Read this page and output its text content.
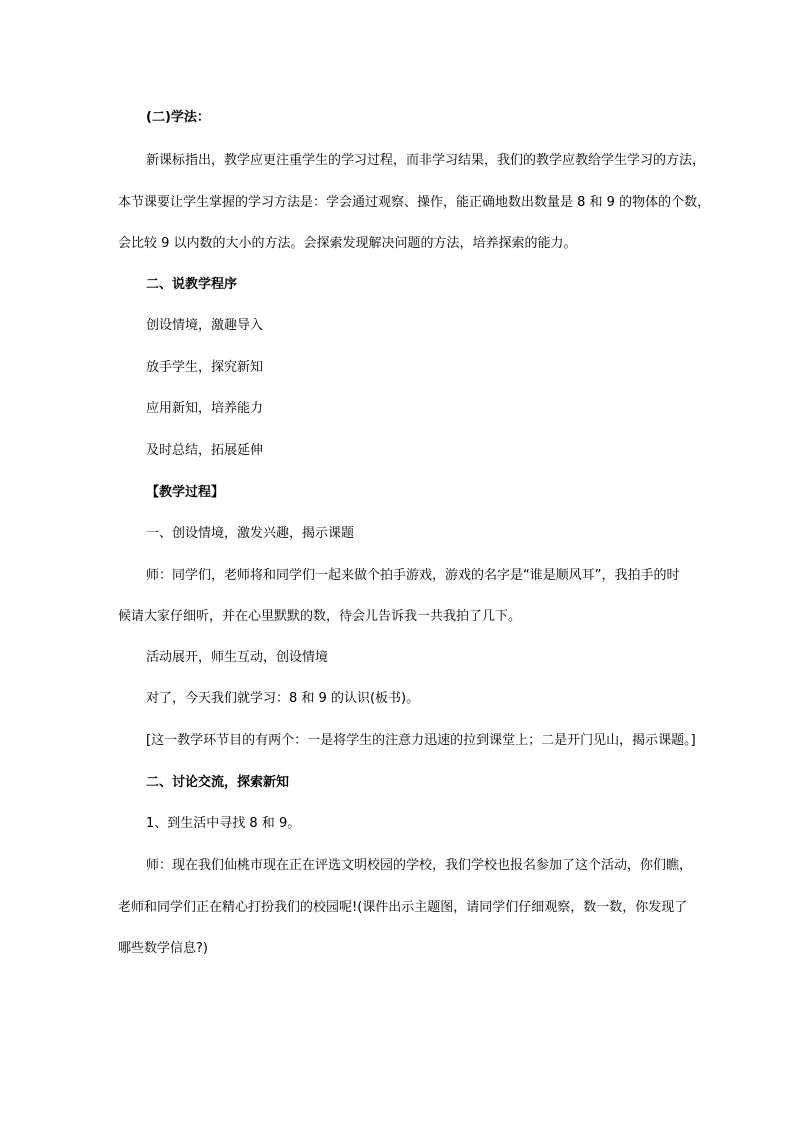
(二)学法：
新课标指出，教学应更注重学生的学习过程，而非学习结果，我们的教学应教给学生学习的方法，
本节课要让学生掌握的学习方法是：学会通过观察、操作，能正确地数出数量是 8 和 9 的物体的个数，
会比较 9 以内数的大小的方法。会探索发现解决问题的方法，培养探索的能力。
二、说教学程序
创设情境，激趣导入
放手学生，探究新知
应用新知，培养能力
及时总结，拓展延伸
【教学过程】
一、创设情境，激发兴趣，揭示课题
师：同学们，老师将和同学们一起来做个拍手游戏，游戏的名字是“谁是顺风耳”，我拍手的时
候请大家仔细听，并在心里默默的数，待会儿告诉我一共我拍了几下。
活动展开，师生互动，创设情境
对了，今天我们就学习：8 和 9 的认识(板书)。
[这一教学环节目的有两个：一是将学生的注意力迅速的拉到课堂上；二是开门见山，揭示课题。]
二、讨论交流，探索新知
1、到生活中寻找 8 和 9。
师：现在我们仙桃市现在正在评选文明校园的学校，我们学校也报名参加了这个活动，你们瞧，
老师和同学们正在精心打扮我们的校园呢!(课件出示主题图，请同学们仔细观察，数一数，你发现了
哪些数学信息?)
